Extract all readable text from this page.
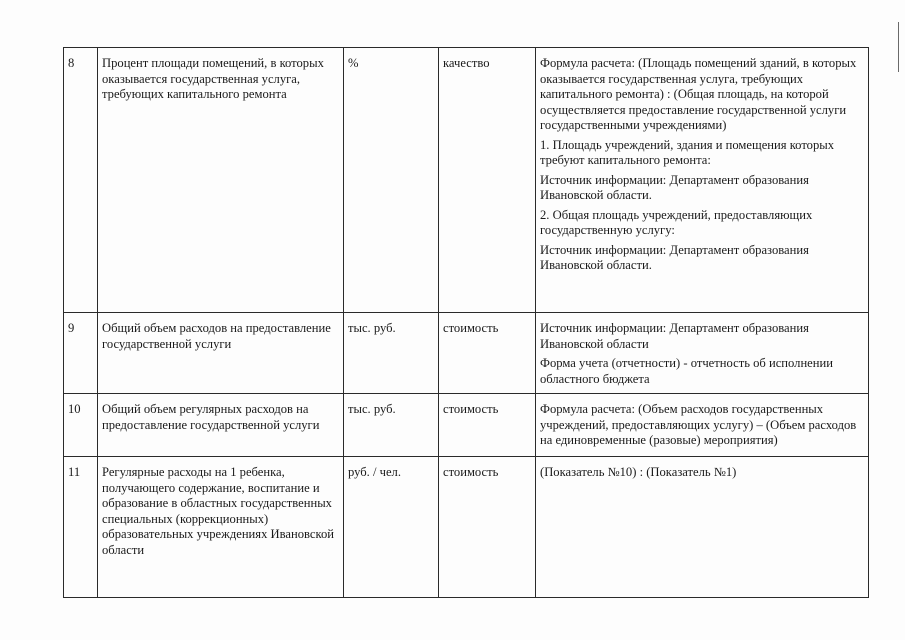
8	Процент площади помещений, в которых оказывается государственная услуга, требующих капитального ремонта	%	качество	Формула расчета: (Площадь помещений зданий, в которых оказывается государственная услуга, требующих капитального ремонта) : (Общая площадь, на которой осуществляется предоставление государственной услуги государственными учреждениями)

1. Площадь учреждений, здания и помещения которых требуют капитального ремонта:

Источник информации: Департамент образования Ивановской области.

2. Общая площадь учреждений, предоставляющих государственную услугу:

Источник информации: Департамент образования Ивановской области.

9	Общий объем расходов на предоставление государственной услуги	тыс. руб.	стоимость	Источник информации: Департамент образования Ивановской области

Форма учета (отчетности) - отчетность об исполнении областного бюджета

10	Общий объем регулярных расходов на предоставление государственной услуги	тыс. руб.	стоимость	Формула расчета: (Объем расходов государственных учреждений, предоставляющих услугу) – (Объем расходов на единовременные (разовые) мероприятия)

11	Регулярные расходы на 1 ребенка, получающего содержание, воспитание и образование в областных государственных специальных (коррекционных) образовательных учреждениях Ивановской области	руб. / чел.	стоимость	(Показатель №10) : (Показатель №1)
